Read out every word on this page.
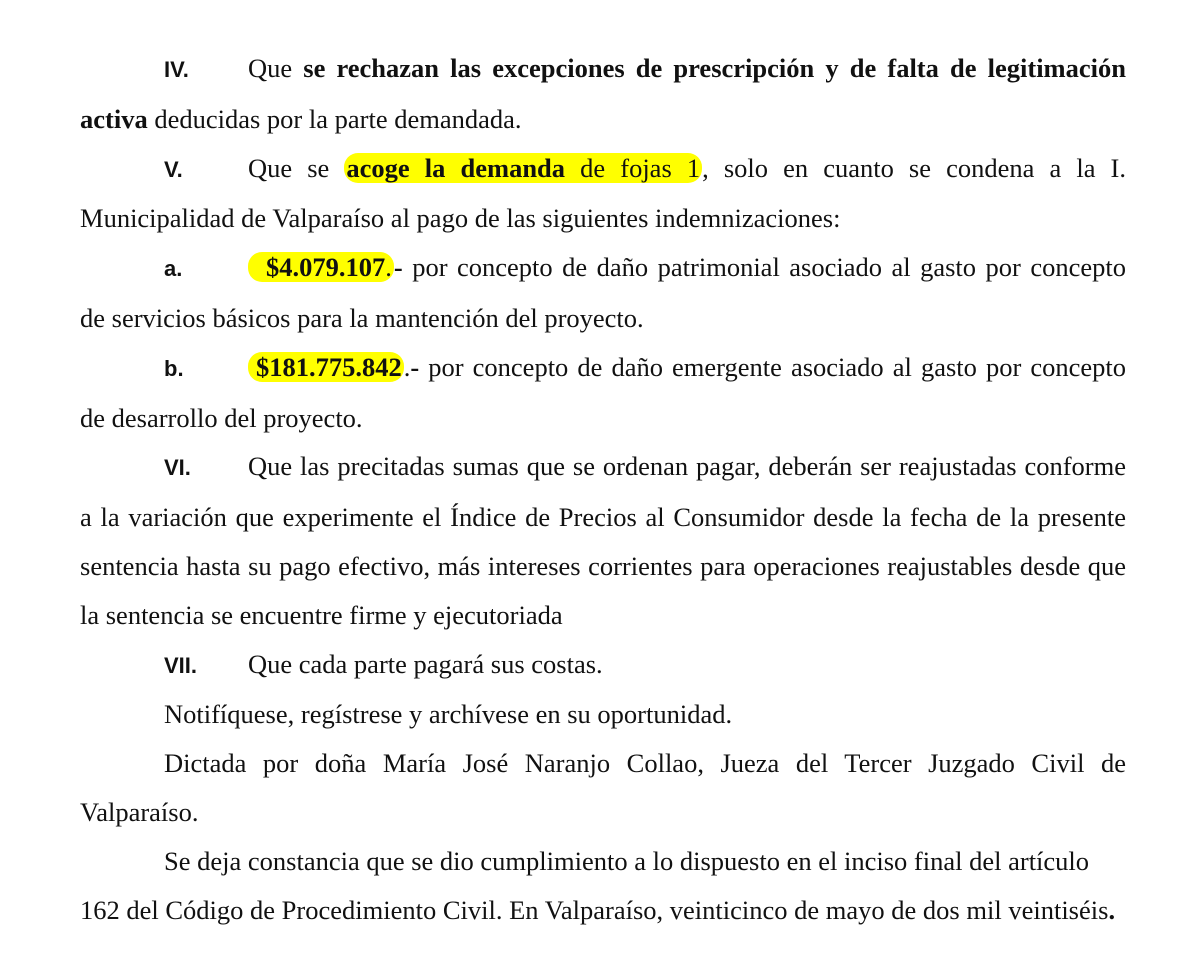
IV. Que se rechazan las excepciones de prescripción y de falta de legitimación activa deducidas por la parte demandada.

V. Que se acoge la demanda de fojas 1, solo en cuanto se condena a la I. Municipalidad de Valparaíso al pago de las siguientes indemnizaciones:

a.	$4.079.107.- por concepto de daño patrimonial asociado al gasto por concepto de servicios básicos para la mantención del proyecto.

b.	$181.775.842.- por concepto de daño emergente asociado al gasto por concepto de desarrollo del proyecto.

VI. Que las precitadas sumas que se ordenan pagar, deberán ser reajustadas conforme a la variación que experimente el Índice de Precios al Consumidor desde la fecha de la presente sentencia hasta su pago efectivo, más intereses corrientes para operaciones reajustables desde que la sentencia se encuentre firme y ejecutoriada

VII. Que cada parte pagará sus costas.

Notifíquese, regístrese y archívese en su oportunidad.

Dictada por doña María José Naranjo Collao, Jueza del Tercer Juzgado Civil de Valparaíso.

Se deja constancia que se dio cumplimiento a lo dispuesto en el inciso final del artículo 162 del Código de Procedimiento Civil. En Valparaíso, veinticinco de mayo de dos mil veintiséis.
